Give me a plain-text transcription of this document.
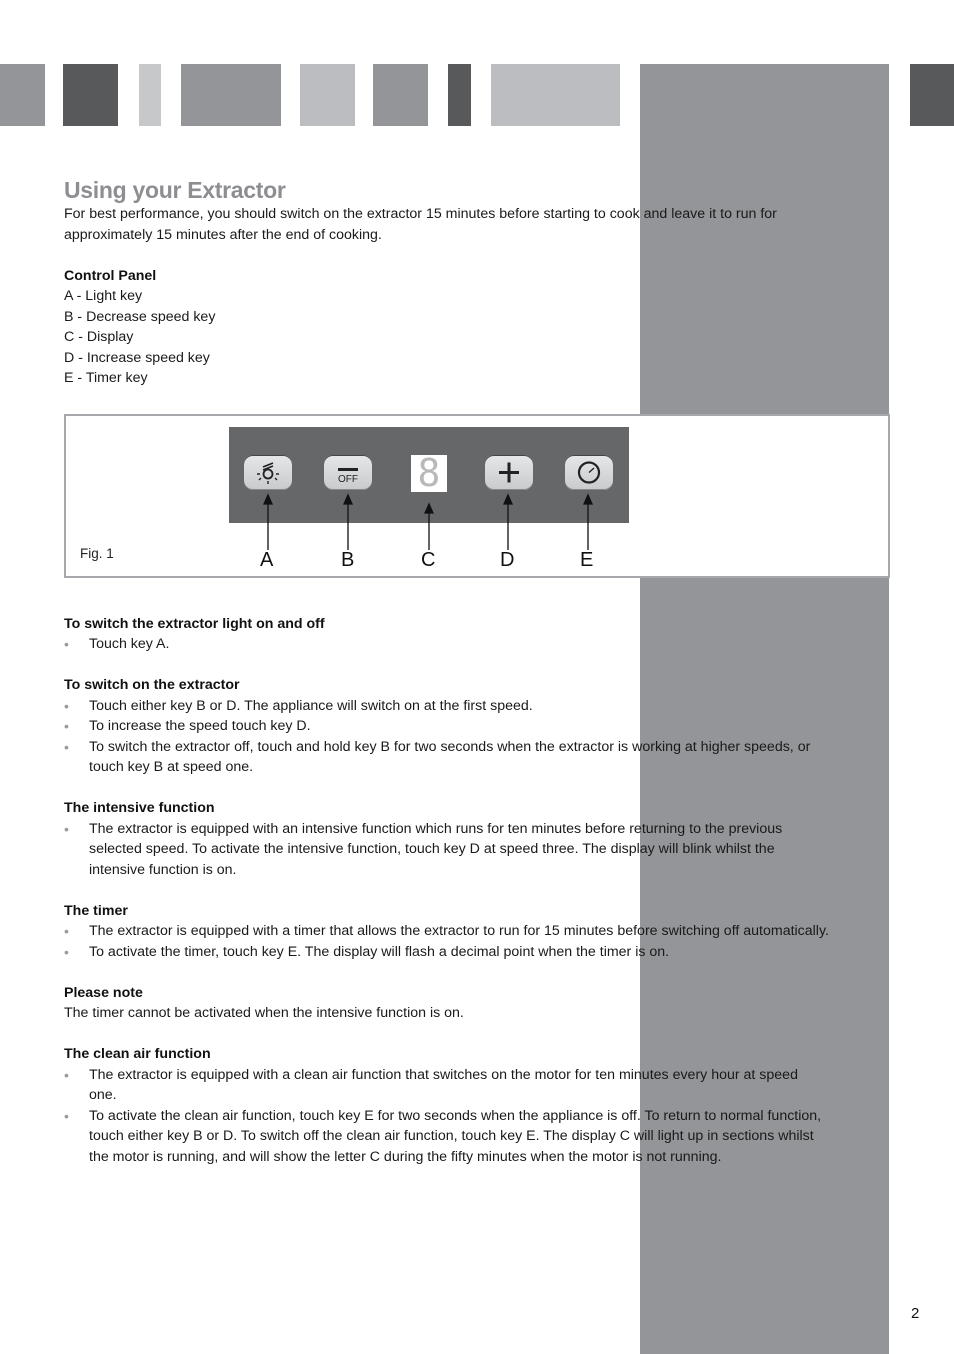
Using your Extractor

For best performance, you should switch on the extractor 15 minutes before starting to cook and leave it to run for approximately 15 minutes after the end of cooking.

Control Panel

A - Light key

B - Decrease speed key

C - Display

D - Increase speed key

E - Timer key

To switch the extractor light on and off
• Touch key A.
To switch on the extractor
• Touch either key B or D. The appliance will switch on at the first speed.
• To increase the speed touch key D.
• To switch the extractor off, touch and hold key B for two seconds when the extractor is working at higher speeds, or touch key B at speed one.
The intensive function
• The extractor is equipped with an intensive function which runs for ten minutes before returning to the previous selected speed. To activate the intensive function, touch key D at speed three. The display will blink whilst the intensive function is on.
The timer
• The extractor is equipped with a timer that allows the extractor to run for 15 minutes before switching off automatically.
• To activate the timer, touch key E. The display will flash a decimal point when the timer is on.
Please note

The timer cannot be activated when the intensive function is on.

The clean air function
• The extractor is equipped with a clean air function that switches on the motor for ten minutes every hour at speed one.
• To activate the clean air function, touch key E for two seconds when the appliance is off. To return to normal function, touch either key B or D. To switch off the clean air function, touch key E. The display C will light up in sections whilst the motor is running, and will show the letter C during the fifty minutes when the motor is not running.
OFF	8
Fig. 1	A	B	C	D	E
2
